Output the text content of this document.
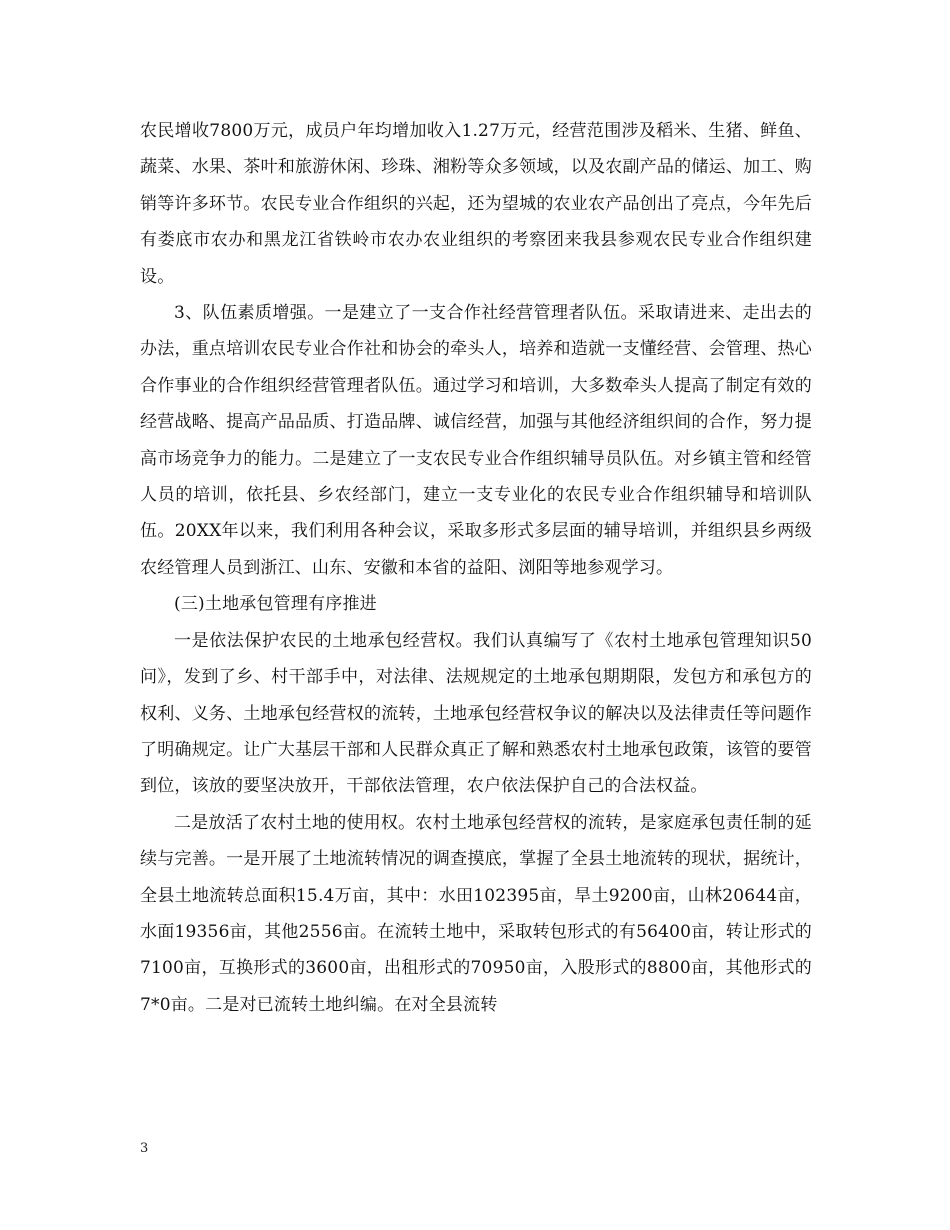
农民增收7800万元，成员户年均增加收入1.27万元，经营范围涉及稻米、生猪、鲜鱼、蔬菜、水果、茶叶和旅游休闲、珍珠、湘粉等众多领域，以及农副产品的储运、加工、购销等许多环节。农民专业合作组织的兴起，还为望城的农业农产品创出了亮点，今年先后有娄底市农办和黑龙江省铁岭市农办农业组织的考察团来我县参观农民专业合作组织建设。

3、队伍素质增强。一是建立了一支合作社经营管理者队伍。采取请进来、走出去的办法，重点培训农民专业合作社和协会的牵头人，培养和造就一支懂经营、会管理、热心合作事业的合作组织经营管理者队伍。通过学习和培训，大多数牵头人提高了制定有效的经营战略、提高产品品质、打造品牌、诚信经营，加强与其他经济组织间的合作，努力提高市场竞争力的能力。二是建立了一支农民专业合作组织辅导员队伍。对乡镇主管和经管人员的培训，依托县、乡农经部门，建立一支专业化的农民专业合作组织辅导和培训队伍。20XX年以来，我们利用各种会议，采取多形式多层面的辅导培训，并组织县乡两级农经管理人员到浙江、山东、安徽和本省的益阳、浏阳等地参观学习。

(三)土地承包管理有序推进

一是依法保护农民的土地承包经营权。我们认真编写了《农村土地承包管理知识50问》，发到了乡、村干部手中，对法律、法规规定的土地承包期期限，发包方和承包方的权利、义务、土地承包经营权的流转，土地承包经营权争议的解决以及法律责任等问题作了明确规定。让广大基层干部和人民群众真正了解和熟悉农村土地承包政策，该管的要管到位，该放的要坚决放开，干部依法管理，农户依法保护自己的合法权益。

二是放活了农村土地的使用权。农村土地承包经营权的流转，是家庭承包责任制的延续与完善。一是开展了土地流转情况的调查摸底，掌握了全县土地流转的现状，据统计，全县土地流转总面积15.4万亩，其中：水田102395亩，旱土9200亩，山林20644亩，水面19356亩，其他2556亩。在流转土地中，采取转包形式的有56400亩，转让形式的7100亩，互换形式的3600亩，出租形式的70950亩，入股形式的8800亩，其他形式的7*0亩。二是对已流转土地纠编。在对全县流转

3
